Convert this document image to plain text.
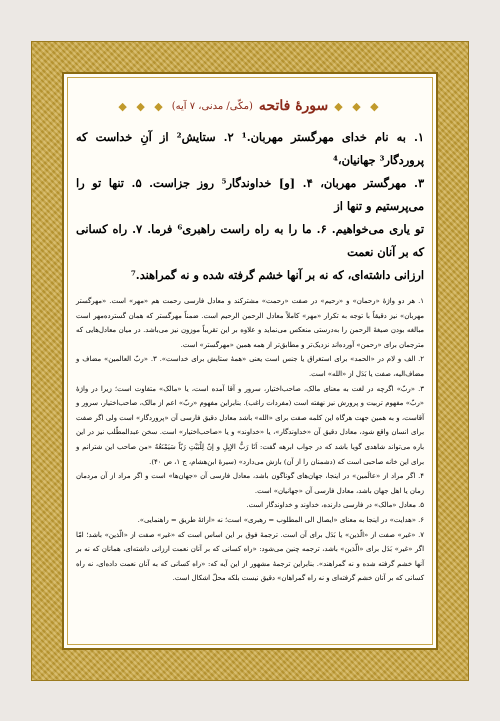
◆ ◆ ◆
سورۀ فاتحه
(مکّی/ مدنی، ۷ آیه)
◆ ◆ ◆

۱. به نام خدای مهرگستر مهربان.¹ ۲. ستایش² از آنِ خداست که پروردگار³ جهانیان،⁴

۳. مهرگستر مهربان، ۴. [و] خداوندگار⁵ روز جزاست. ۵. تنها تو را می‌پرستیم و تنها از

تو یاری می‌خواهیم. ۶. ما را به راه راست راهبری⁶ فرما. ۷. راه کسانی که بر آنان نعمت

ارزانی داشته‌ای، که نه بر آنها خشم گرفته شده و نه گمراهند.⁷

۱. هر دو واژۀ «رحمان» و «رحیم» در صفت «رحمت» مشترکند و معادل فارسی رحمت هم «مهر» است. «مهرگستر مهربان» نیز دقیقاً با توجه به تکرار «مهر» کاملاً معادل الرحمن الرحیم است. ضمناً مهرگستر که همان گسترده‌مهر است مبالغه بودن صیغۀ الرحمن را به‌درستی منعکس می‌نماید و علاوه بر این تقریباً موزون نیز می‌باشد. در میان معادل‌هایی که مترجمان برای «رحمن» آورده‌اند نزدیک‌تر و مطابق‌تر از همه همین «مهرگستر» است.

۲. الف و لام در «الحمد» برای استغراق یا جنس است یعنی «همۀ ستایش برای خداست». ۳. «ربّ العالمین» مضاف و مضاف‌الیه، صفت یا بَدَل از «الله» است.

۳. «ربّ» اگرچه در لغت به معنای مالک، صاحب‌اختیار، سرور و آقا آمده است، یا «مالک» متفاوت است؛ زیرا در واژۀ «ربّ» مفهوم تربیت و پرورش نیز نهفته است (مفردات راغب). بنابراین مفهوم «ربّ» اعم از مالک، صاحب‌اختیار، سرور و آقاست، و به همین جهت هرگاه این کلمه صفت برای «الله» باشد معادل دقیق فارسی آن «پروردگار» است ولی اگر صفت برای انسان واقع شود، معادل دقیق آن «خداوندگار»، یا «خداوند» و یا «صاحب‌اختیار» است. سخن عبدالمطّلب نیز در این باره می‌تواند شاهدی گویا باشد که در جواب ابرهه گفت: اَنَا رَبُّ الإبِلِ و إنّ لِلْبَيْتِ رَبّاً سَيَمْنَعُهُ «من صاحب این شترانم و برای این خانه صاحبی است که (دشمنان را از آن) بازش می‌دارد» (سیرۀ ابن‌هشام، ج ۱، ص ۴۰).

۴. اگر مراد از «عالَمین» در اینجا، جهان‌های گوناگون باشد، معادل فارسی آن «جهان‌ها» است و اگر مراد از آن مردمان زمان یا اهل جهان باشد، معادل فارسی آن «جهانیان» است.

۵. معادل «مالک» در فارسی دارنده، خداوند و خداوندگار است.

۶. «هدایت» در اینجا به معنای «ایصال الی المطلوب = رهبری» است؛ نه «ارائۀ طریق = راهنمایی».

۷. «غیر» صفت از «الّذین» یا بَدَل برای آن است. ترجمۀ فوق بر این اساس است که «غیر» صفت از «الّذین» باشد؛ امّا اگر «غیر» بَدَل برای «الّذین» باشد، ترجمه چنین می‌شود: «راه کسانی که بر آنان نعمت ارزانی داشته‌ای، همانان که نه بر آنها خشم گرفته شده و نه گمراهند». بنابراین ترجمۀ مشهور از این آیه که: «راه کسانی که به آنان نعمت داده‌ای، نه راه کسانی که بر آنان خشم گرفته‌ای و نه راه گمراهان» دقیق نیست بلکه محلّ اشکال است.
